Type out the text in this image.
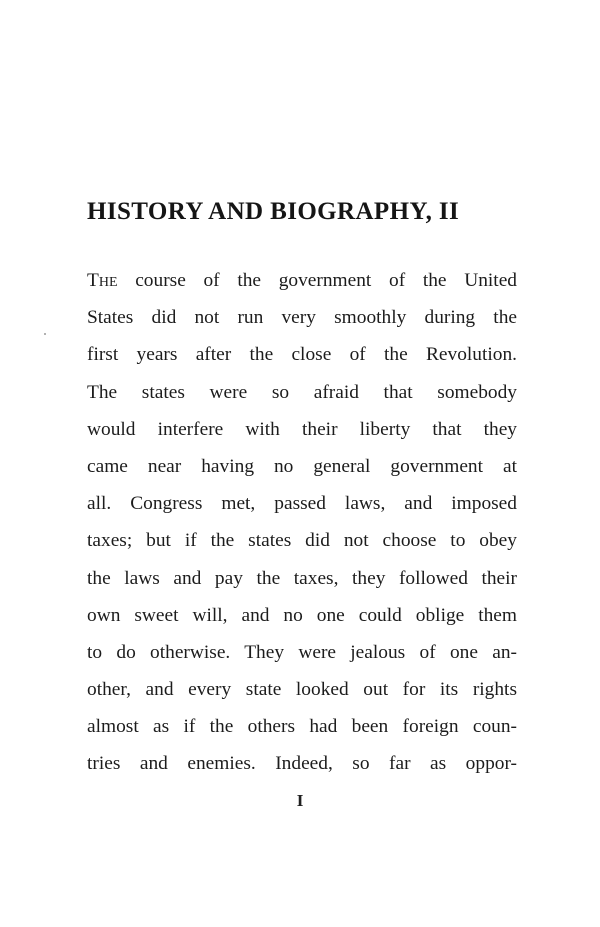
HISTORY AND BIOGRAPHY, II
The course of the government of the United
States did not run very smoothly during the
first years after the close of the Revolution.
The states were so afraid that somebody
would interfere with their liberty that they
came near having no general government at
all. Congress met, passed laws, and imposed
taxes; but if the states did not choose to obey
the laws and pay the taxes, they followed their
own sweet will, and no one could oblige them
to do otherwise. They were jealous of one an-
other, and every state looked out for its rights
almost as if the others had been foreign coun-
tries and enemies. Indeed, so far as oppor-
I
